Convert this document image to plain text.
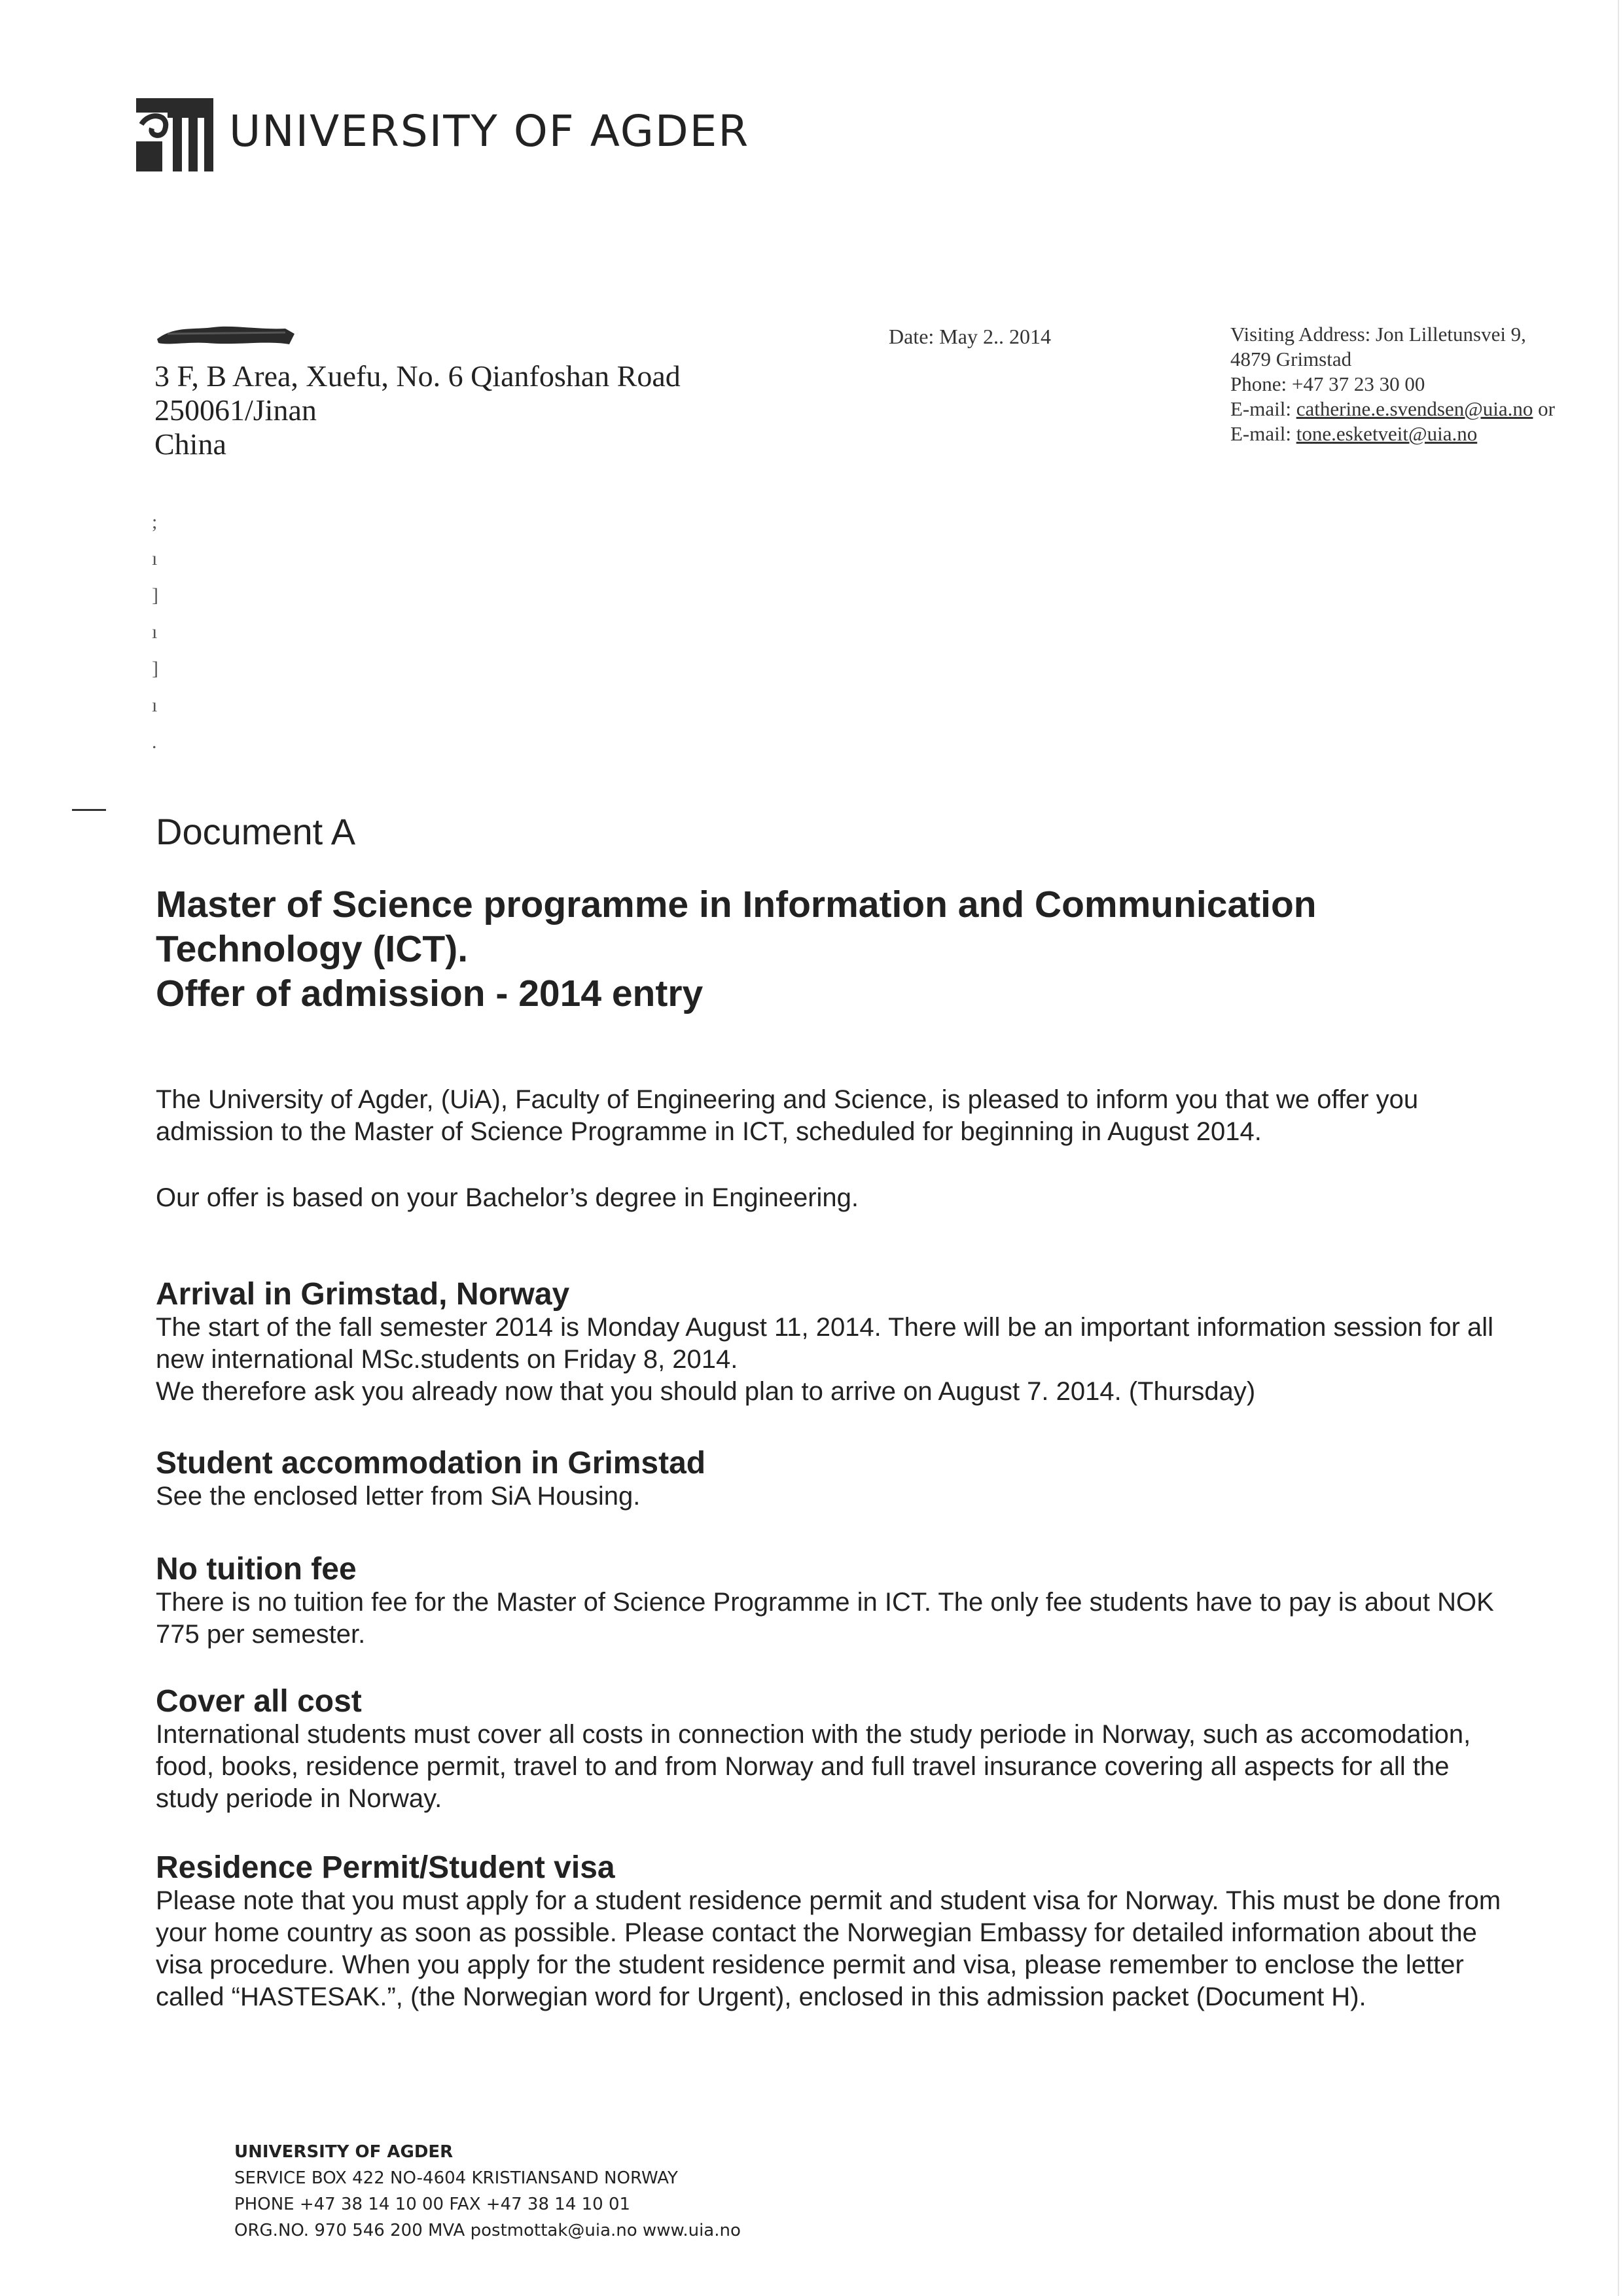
UNIVERSITY OF AGDER
3 F, B Area, Xuefu, No. 6 Qianfoshan Road
250061/Jinan
China
Date: May 2.. 2014	Visiting Address: Jon Lilletunsvei 9,
4879 Grimstad
Phone: +47 37 23 30 00
E-mail: catherine.e.svendsen@uia.no or
E-mail: tone.esketveit@uia.no
;
ı
]
ı
]
ı
.
Document A
Master of Science programme in Information and Communication
Technology (ICT).
Offer of admission - 2014 entry
The University of Agder, (UiA), Faculty of Engineering and Science, is pleased to inform you that we offer you admission to the Master of Science Programme in ICT, scheduled for beginning in August 2014.
Our offer is based on your Bachelor’s degree in Engineering.
Arrival in Grimstad, Norway
The start of the fall semester 2014 is Monday August 11, 2014. There will be an important information session for all new international MSc.students on Friday 8, 2014.
We therefore ask you already now that you should plan to arrive on August 7. 2014. (Thursday)
Student accommodation in Grimstad
See the enclosed letter from SiA Housing.
No tuition fee
There is no tuition fee for the Master of Science Programme in ICT. The only fee students have to pay is about NOK 775 per semester.
Cover all cost
International students must cover all costs in connection with the study periode in Norway, such as accomodation, food, books, residence permit, travel to and from Norway and full travel insurance covering all aspects for all the study periode in Norway.
Residence Permit/Student visa
Please note that you must apply for a student residence permit and student visa for Norway. This must be done from your home country as soon as possible. Please contact the Norwegian Embassy for detailed information about the visa procedure. When you apply for the student residence permit and visa, please remember to enclose the letter called “HASTESAK.”, (the Norwegian word for Urgent), enclosed in this admission packet (Document H).
UNIVERSITY OF AGDER
SERVICE BOX 422 NO-4604 KRISTIANSAND NORWAY
PHONE +47 38 14 10 00 FAX +47 38 14 10 01
ORG.NO. 970 546 200 MVA postmottak@uia.no www.uia.no
